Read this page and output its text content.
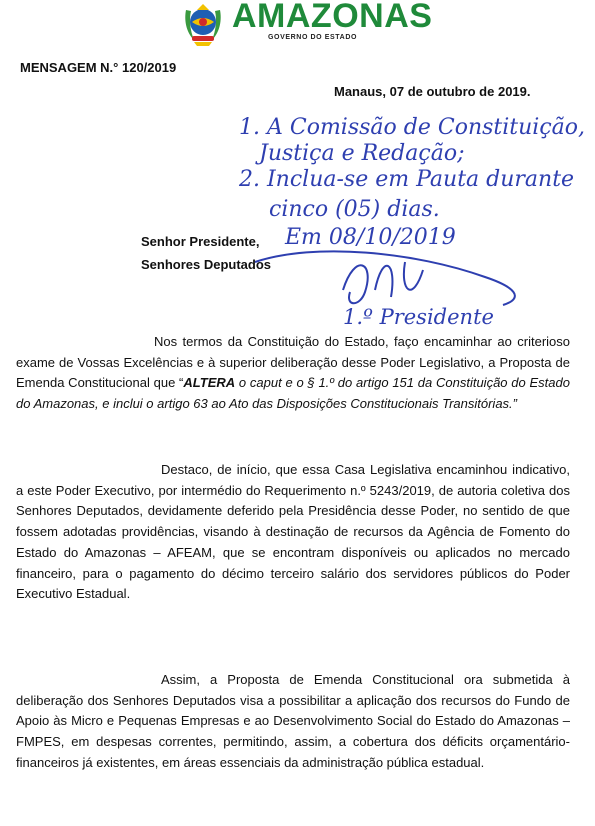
AMAZONAS
GOVERNO DO ESTADO
MENSAGEM N.° 120/2019
Manaus, 07 de outubro de 2019.
1. A Comissão de Constituição,
Justiça e Redação;
2. Inclua-se em Pauta durante
cinco (05) dias.
Em 08/10/2019
1.º Presidente
Senhor Presidente,
Senhores Deputados

Nos termos da Constituição do Estado, faço encaminhar ao criterioso exame de Vossas Excelências e à superior deliberação desse Poder Legislativo, a Proposta de Emenda Constitucional que “ALTERA o caput e o § 1.º do artigo 151 da Constituição do Estado do Amazonas, e inclui o artigo 63 ao Ato das Disposições Constitucionais Transitórias.”

Destaco, de início, que essa Casa Legislativa encaminhou indicativo, a este Poder Executivo, por intermédio do Requerimento n.º 5243/2019, de autoria coletiva dos Senhores Deputados, devidamente deferido pela Presidência desse Poder, no sentido de que fossem adotadas providências, visando à destinação de recursos da Agência de Fomento do Estado do Amazonas – AFEAM, que se encontram disponíveis ou aplicados no mercado financeiro, para o pagamento do décimo terceiro salário dos servidores públicos do Poder Executivo Estadual.

Assim, a Proposta de Emenda Constitucional ora submetida à deliberação dos Senhores Deputados visa a possibilitar a aplicação dos recursos do Fundo de Apoio às Micro e Pequenas Empresas e ao Desenvolvimento Social do Estado do Amazonas – FMPES, em despesas correntes, permitindo, assim, a cobertura dos déficits orçamentário-financeiros já existentes, em áreas essenciais da administração pública estadual.
